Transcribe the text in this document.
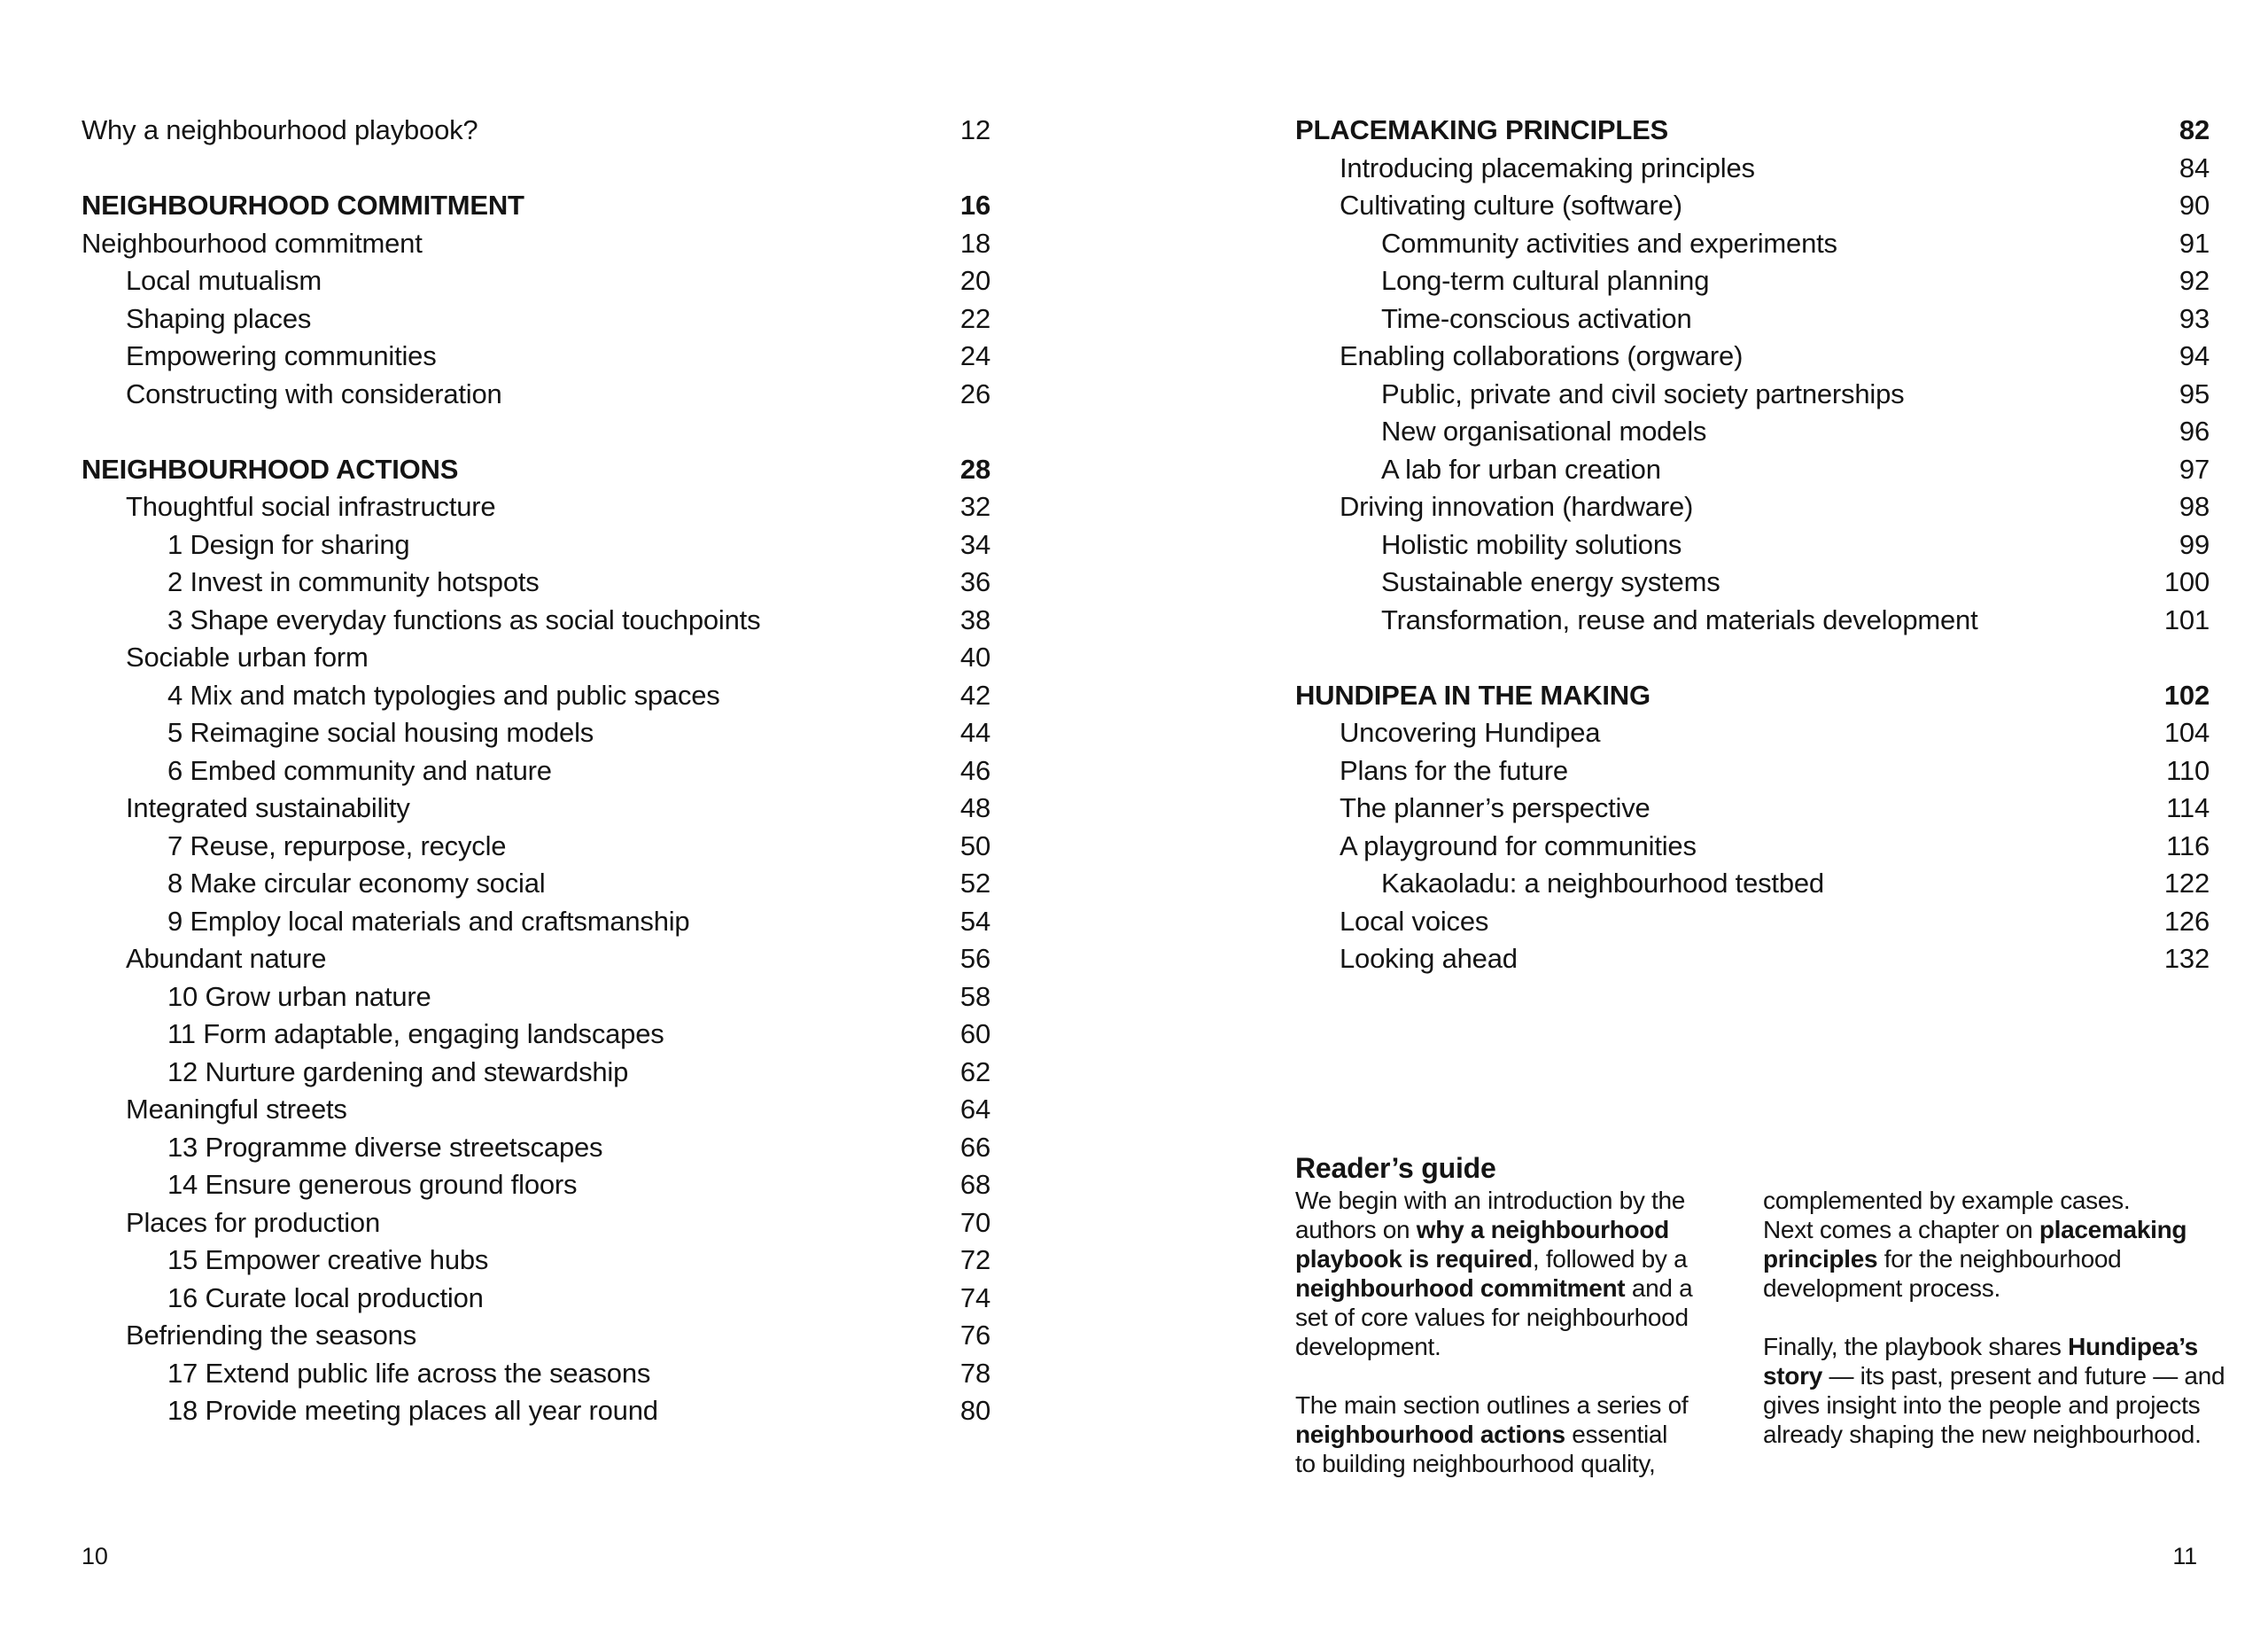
Why a neighbourhood playbook?	12
NEIGHBOURHOOD COMMITMENT	16
Neighbourhood commitment	18
Local mutualism	20
Shaping places	22
Empowering communities	24
Constructing with consideration	26
NEIGHBOURHOOD ACTIONS	28
Thoughtful social infrastructure	32
1 Design for sharing	34
2 Invest in community hotspots	36
3 Shape everyday functions as social touchpoints	38
Sociable urban form	40
4 Mix and match typologies and public spaces	42
5 Reimagine social housing models	44
6 Embed community and nature	46
Integrated sustainability	48
7 Reuse, repurpose, recycle	50
8 Make circular economy social	52
9 Employ local materials and craftsmanship	54
Abundant nature	56
10 Grow urban nature	58
11 Form adaptable, engaging landscapes	60
12 Nurture gardening and stewardship	62
Meaningful streets	64
13 Programme diverse streetscapes	66
14 Ensure generous ground floors	68
Places for production	70
15 Empower creative hubs	72
16 Curate local production	74
Befriending the seasons	76
17 Extend public life across the seasons	78
18 Provide meeting places all year round	80
PLACEMAKING PRINCIPLES	82
Introducing placemaking principles	84
Cultivating culture (software)	90
Community activities and experiments	91
Long-term cultural planning	92
Time-conscious activation	93
Enabling collaborations (orgware)	94
Public, private and civil society partnerships	95
New organisational models	96
A lab for urban creation	97
Driving innovation (hardware)	98
Holistic mobility solutions	99
Sustainable energy systems	100
Transformation, reuse and materials development	101
HUNDIPEA IN THE MAKING	102
Uncovering Hundipea	104
Plans for the future	110
The planner’s perspective	114
A playground for communities	116
Kakaoladu: a neighbourhood testbed	122
Local voices	126
Looking ahead	132
Reader’s guide
We begin with an introduction by the
authors on why a neighbourhood
playbook is required, followed by a
neighbourhood commitment and a
set of core values for neighbourhood
development.
The main section outlines a series of
neighbourhood actions essential
to building neighbourhood quality,
complemented by example cases.
Next comes a chapter on placemaking
principles for the neighbourhood
development process.
Finally, the playbook shares Hundipea’s
story — its past, present and future — and
gives insight into the people and projects
already shaping the new neighbourhood.
10	11
